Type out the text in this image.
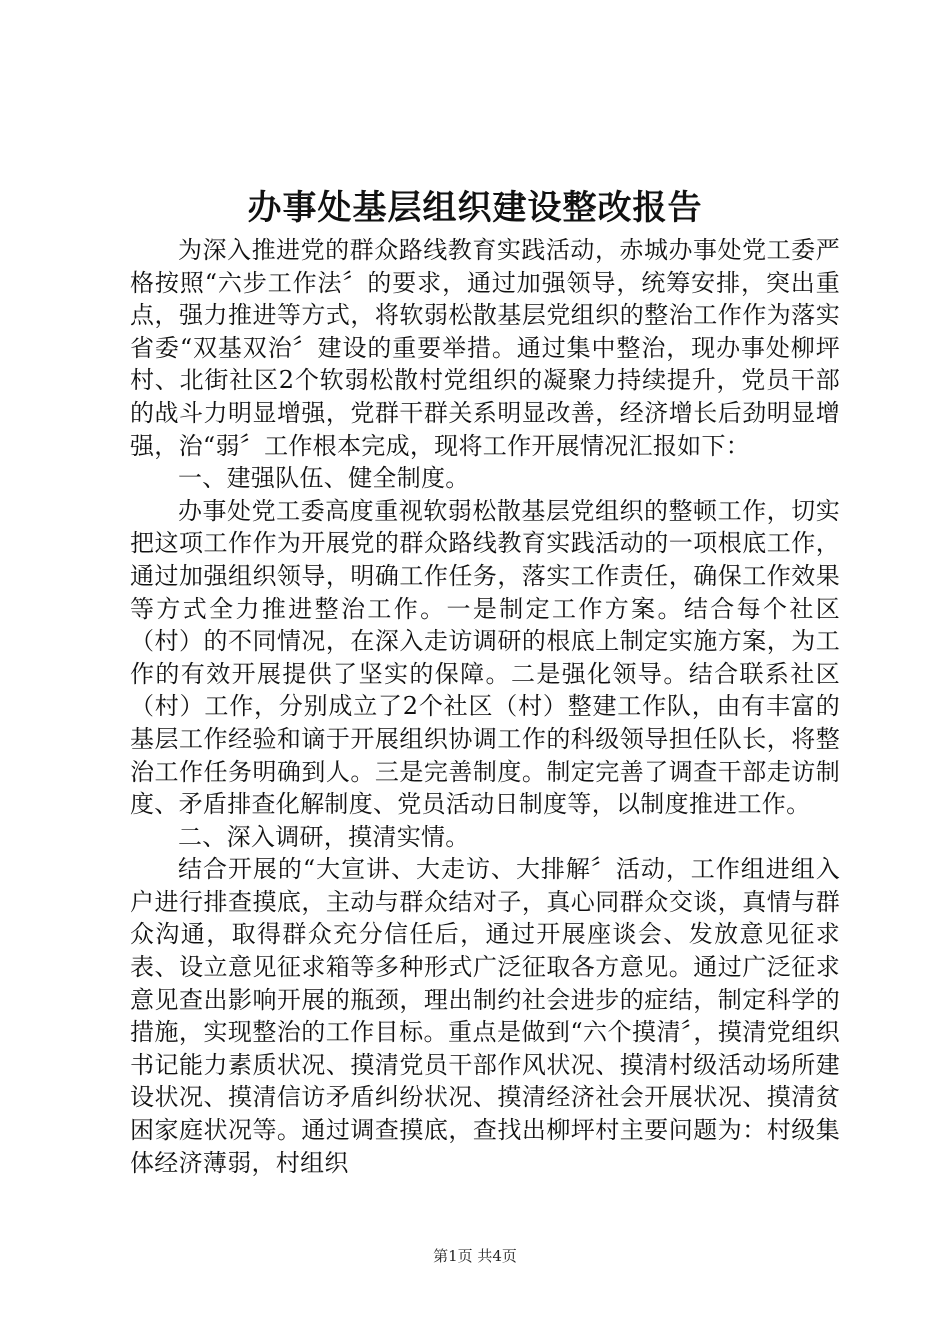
办事处基层组织建设整改报告

为深入推进党的群众路线教育实践活动，赤城办事处党工委严格按照“六步工作法〞的要求，通过加强领导，统筹安排，突出重点，强力推进等方式，将软弱松散基层党组织的整治工作作为落实省委“双基双治〞建设的重要举措。通过集中整治，现办事处柳坪村、北街社区2个软弱松散村党组织的凝聚力持续提升，党员干部的战斗力明显增强，党群干群关系明显改善，经济增长后劲明显增强，治“弱〞工作根本完成，现将工作开展情况汇报如下：

一、建强队伍、健全制度。

办事处党工委高度重视软弱松散基层党组织的整顿工作，切实把这项工作作为开展党的群众路线教育实践活动的一项根底工作，通过加强组织领导，明确工作任务，落实工作责任，确保工作效果等方式全力推进整治工作。一是制定工作方案。结合每个社区（村）的不同情况，在深入走访调研的根底上制定实施方案，为工作的有效开展提供了坚实的保障。二是强化领导。结合联系社区（村）工作，分别成立了2个社区（村）整建工作队，由有丰富的基层工作经验和谪于开展组织协调工作的科级领导担任队长，将整治工作任务明确到人。三是完善制度。制定完善了调查干部走访制度、矛盾排查化解制度、党员活动日制度等，以制度推进工作。

二、深入调研，摸清实情。

结合开展的“大宣讲、大走访、大排解〞活动，工作组进组入户进行排查摸底，主动与群众结对子，真心同群众交谈，真情与群众沟通，取得群众充分信任后，通过开展座谈会、发放意见征求表、设立意见征求箱等多种形式广泛征取各方意见。通过广泛征求意见查出影响开展的瓶颈，理出制约社会进步的症结，制定科学的措施，实现整治的工作目标。重点是做到“六个摸清〞，摸清党组织书记能力素质状况、摸清党员干部作风状况、摸清村级活动场所建设状况、摸清信访矛盾纠纷状况、摸清经济社会开展状况、摸清贫困家庭状况等。通过调查摸底，查找出柳坪村主要问题为：村级集体经济薄弱，村组织

第1页 共4页
